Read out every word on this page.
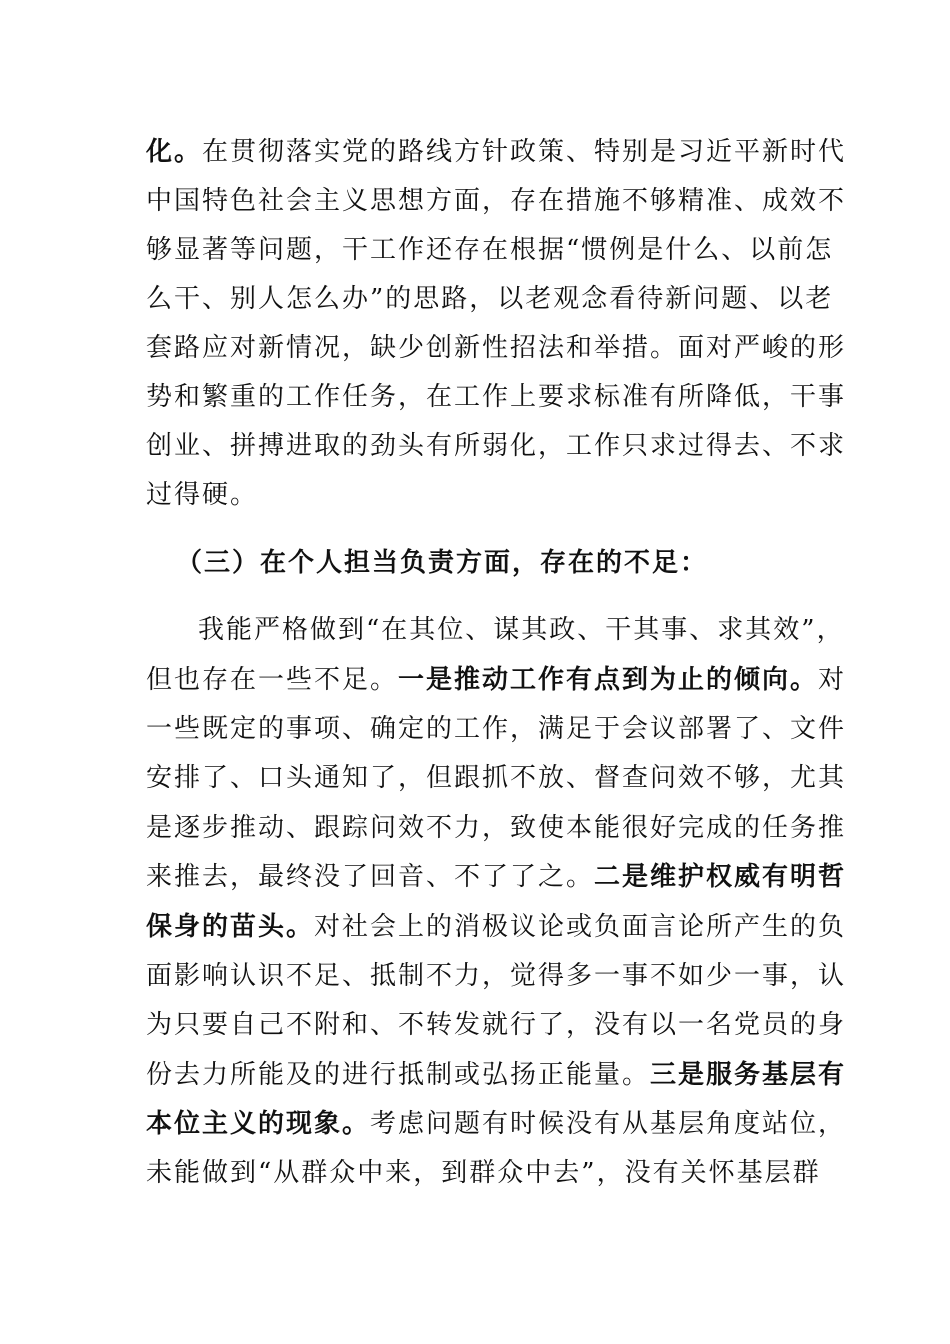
化。在贯彻落实党的路线方针政策、特别是习近平新时代
中国特色社会主义思想方面，存在措施不够精准、成效不
够显著等问题，干工作还存在根据“惯例是什么、以前怎
么干、别人怎么办”的思路，以老观念看待新问题、以老
套路应对新情况，缺少创新性招法和举措。面对严峻的形
势和繁重的工作任务，在工作上要求标准有所降低，干事
创业、拼搏进取的劲头有所弱化，工作只求过得去、不求
过得硬。
（三）在个人担当负责方面，存在的不足：
我能严格做到“在其位、谋其政、干其事、求其效”，
但也存在一些不足。一是推动工作有点到为止的倾向。对
一些既定的事项、确定的工作，满足于会议部署了、文件
安排了、口头通知了，但跟抓不放、督查问效不够，尤其
是逐步推动、跟踪问效不力，致使本能很好完成的任务推
来推去，最终没了回音、不了了之。二是维护权威有明哲
保身的苗头。对社会上的消极议论或负面言论所产生的负
面影响认识不足、抵制不力，觉得多一事不如少一事，认
为只要自己不附和、不转发就行了，没有以一名党员的身
份去力所能及的进行抵制或弘扬正能量。三是服务基层有
本位主义的现象。考虑问题有时候没有从基层角度站位，
未能做到“从群众中来，到群众中去”，没有关怀基层群
